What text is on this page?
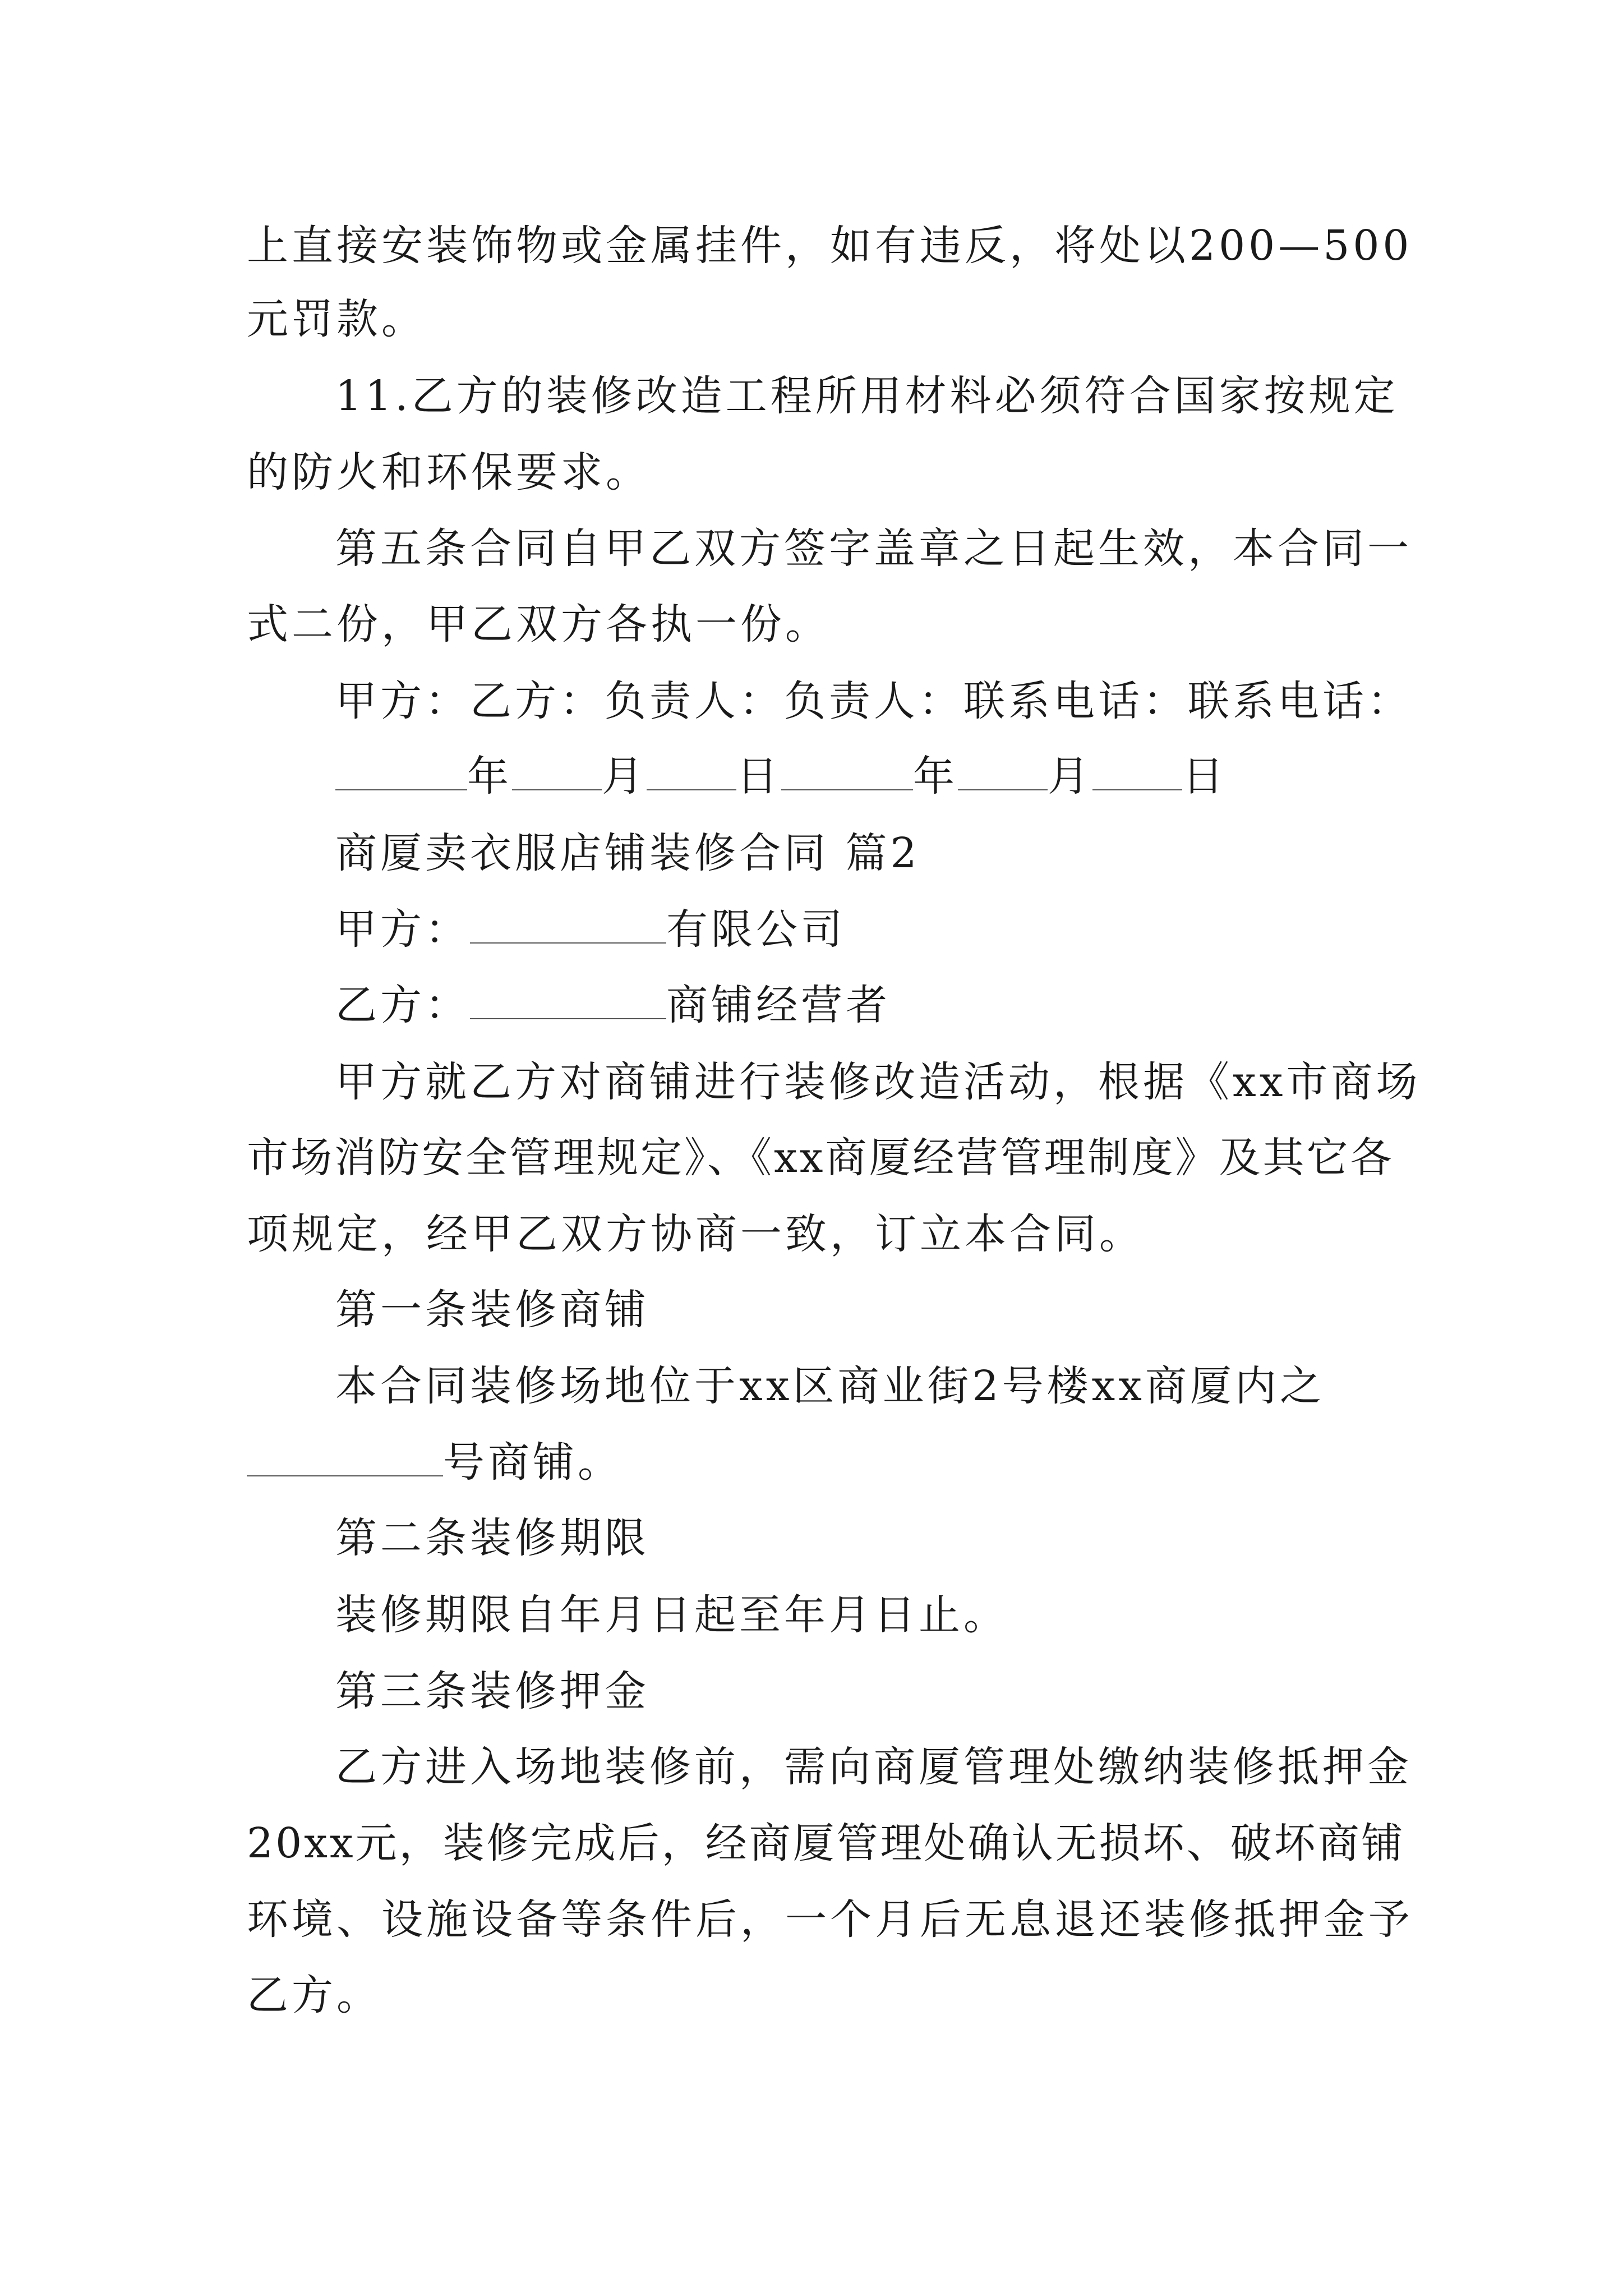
上直接安装饰物或金属挂件，如有违反，将处以200—500
元罚款。
11.乙方的装修改造工程所用材料必须符合国家按规定
的防火和环保要求。
第五条合同自甲乙双方签字盖章之日起生效，本合同一
式二份，甲乙双方各执一份。
甲方：乙方：负责人：负责人：联系电话：联系电话：
年 月 日	年 月 日
商厦卖衣服店铺装修合同 篇2
甲方：	有限公司
乙方：	商铺经营者
甲方就乙方对商铺进行装修改造活动，根据《xx市商场
市场消防安全管理规定》、《xx商厦经营管理制度》及其它各
项规定，经甲乙双方协商一致，订立本合同。
第一条装修商铺
本合同装修场地位于xx区商业街2号楼xx商厦内之
号商铺。
第二条装修期限
装修期限自年月日起至年月日止。
第三条装修押金
乙方进入场地装修前，需向商厦管理处缴纳装修抵押金
20xx元，装修完成后，经商厦管理处确认无损坏、破坏商铺
环境、设施设备等条件后，一个月后无息退还装修抵押金予
乙方。
